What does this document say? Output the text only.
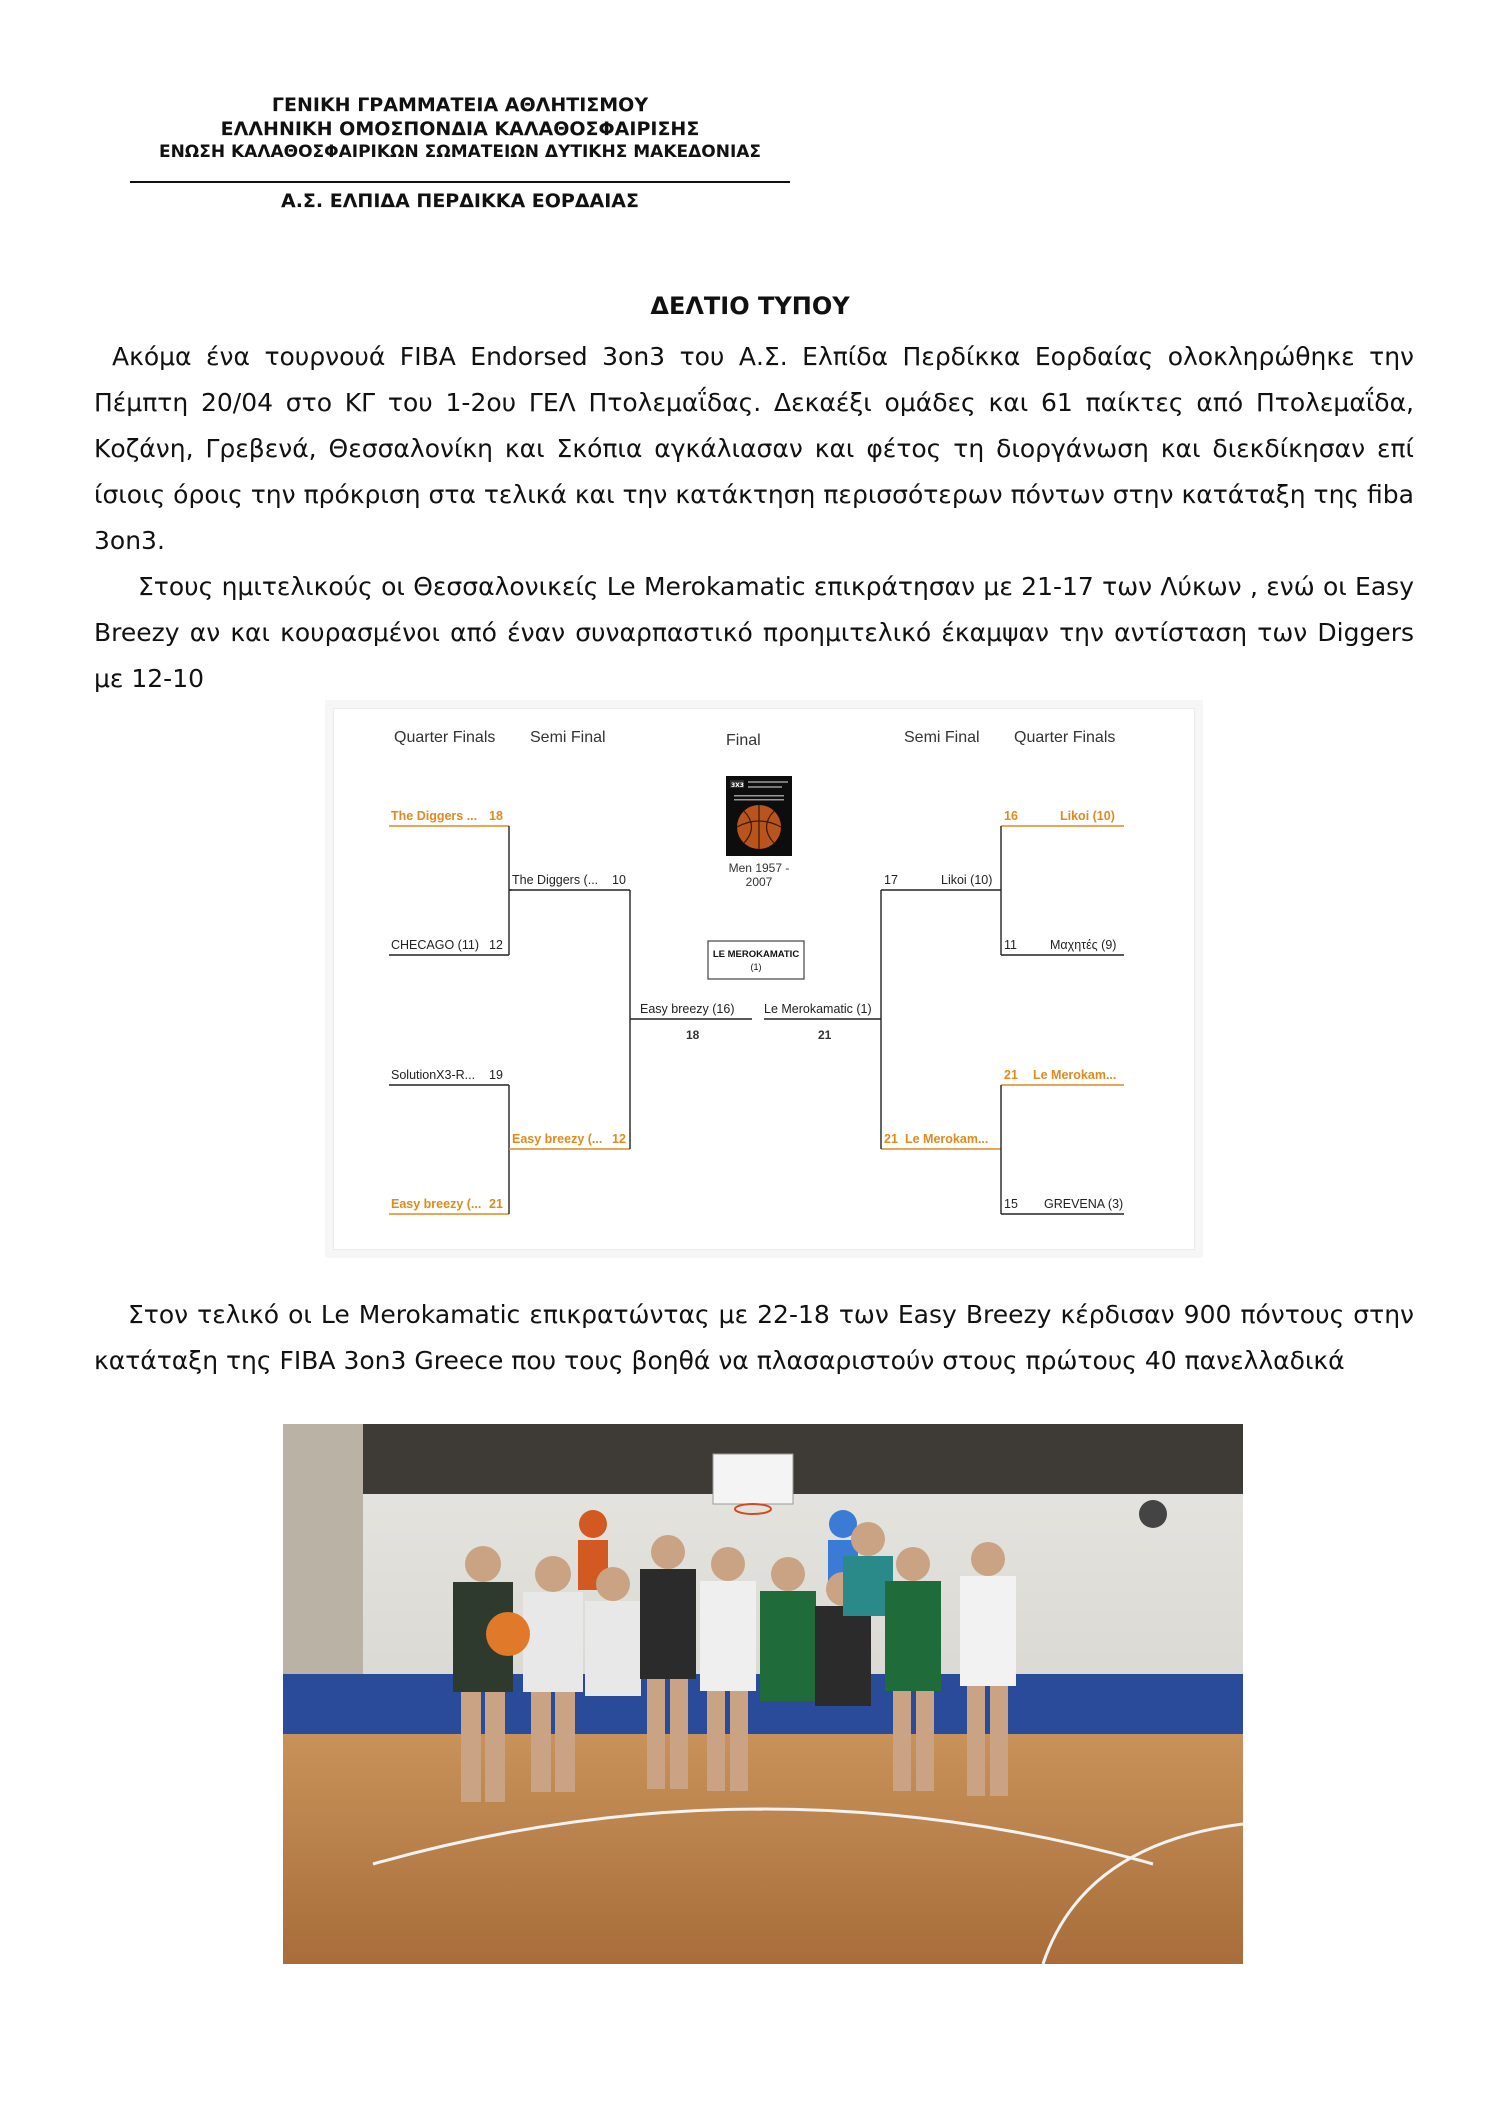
ΓΕΝΙΚΗ ΓΡΑΜΜΑΤΕΙΑ ΑΘΛΗΤΙΣΜΟΥ
ΕΛΛΗΝΙΚΗ ΟΜΟΣΠΟΝΔΙΑ ΚΑΛΑΘΟΣΦΑΙΡΙΣΗΣ
ΕΝΩΣΗ ΚΑΛΑΘΟΣΦΑΙΡΙΚΩΝ ΣΩΜΑΤΕΙΩΝ ΔΥΤΙΚΗΣ ΜΑΚΕΔΟΝΙΑΣ
Α.Σ. ΕΛΠΙΔΑ ΠΕΡΔΙΚΚΑ ΕΟΡΔΑΙΑΣ
ΔΕΛΤΙΟ ΤΥΠΟΥ

Ακόμα ένα τουρνουά FIBA Endorsed 3on3 του Α.Σ. Ελπίδα Περδίκκα Εορδαίας ολοκληρώθηκε την Πέμπτη 20/04 στο ΚΓ του 1-2ου ΓΕΛ Πτολεμαΐδας. Δεκαέξι ομάδες και 61 παίκτες από Πτολεμαΐδα, Κοζάνη, Γρεβενά, Θεσσαλονίκη και Σκόπια αγκάλιασαν και φέτος τη διοργάνωση και διεκδίκησαν επί ίσιοις όροις την πρόκριση στα τελικά και την κατάκτηση περισσότερων πόντων στην κατάταξη της fiba 3on3.

Στους ημιτελικούς οι Θεσσαλονικείς Le Merokamatic επικράτησαν με 21-17 των Λύκων , ενώ οι Easy Breezy αν και κουρασμένοι από έναν συναρπαστικό προημιτελικό έκαμψαν την αντίσταση των Diggers με 12-10

Quarter Finals Semi Final	Final	Semi Final Quarter Finals
The Diggers ... 18
CHECAGO (11) 12
SolutionX3-R... 19
Easy breezy (... 21
The Diggers (... 10
Easy breezy (... 12
Easy breezy (16)
18
Le Merokamatic (1)
21
LE MEROKAMATIC
(1)
3X3
Men 1957 -
2007	17	Likoi (10)
21 Le Merokam...
16	Likoi (10)
11	Μαχητές (9)
21 Le Merokam...
15 GREVENA (3)

Στον τελικό οι Le Merokamatic επικρατώντας με 22-18 των Easy Breezy κέρδισαν 900 πόντους στην κατάταξη της FIBA 3on3 Greece που τους βοηθά να πλασαριστούν στους πρώτους 40 πανελλαδικά
